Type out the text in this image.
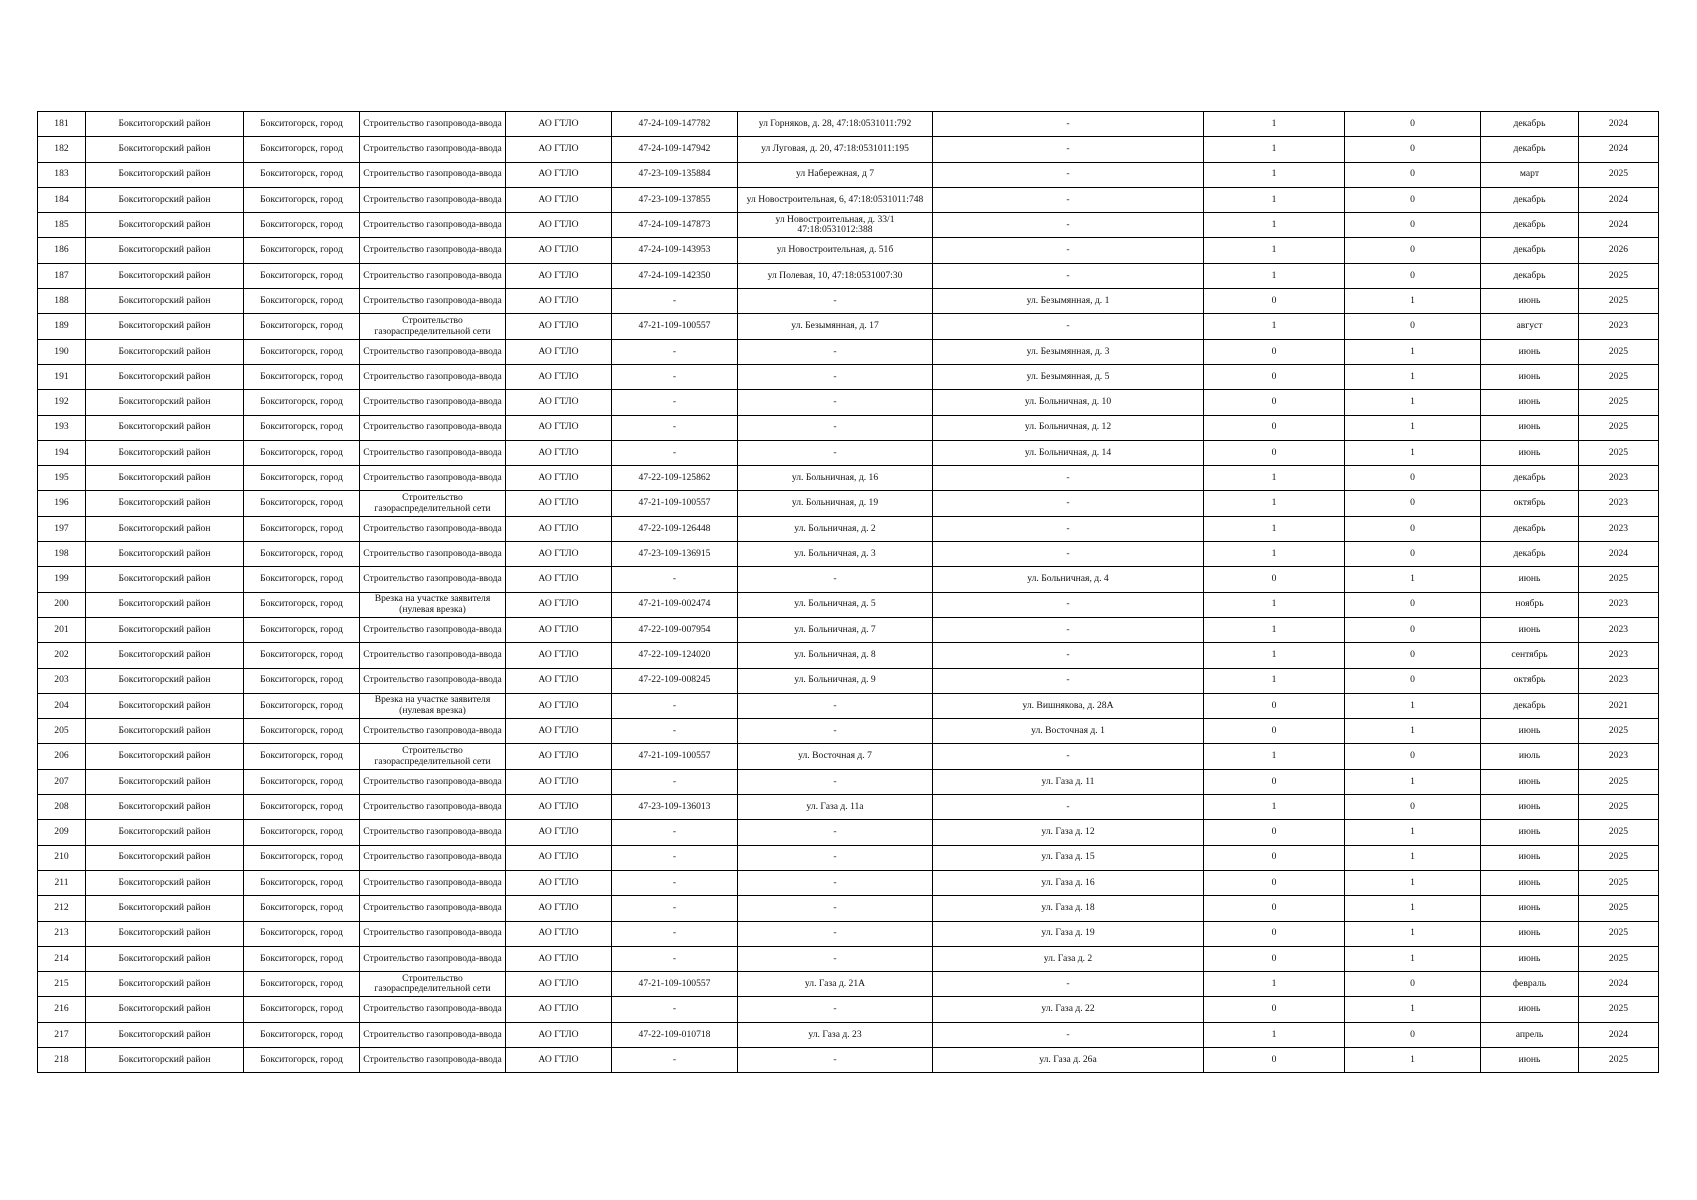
181	Бокситогорский район	Бокситогорск, город	Строительство газопровода-ввода	АО ГТЛО	47-24-109-147782	ул Горняков, д. 28, 47:18:0531011:792	-	1	0	декабрь	2024
182	Бокситогорский район	Бокситогорск, город	Строительство газопровода-ввода	АО ГТЛО	47-24-109-147942	ул Луговая, д. 20, 47:18:0531011:195	-	1	0	декабрь	2024
183	Бокситогорский район	Бокситогорск, город	Строительство газопровода-ввода	АО ГТЛО	47-23-109-135884	ул Набережная, д 7	-	1	0	март	2025
184	Бокситогорский район	Бокситогорск, город	Строительство газопровода-ввода	АО ГТЛО	47-23-109-137855	ул Новостроительная, 6, 47:18:0531011:748	-	1	0	декабрь	2024
185	Бокситогорский район	Бокситогорск, город	Строительство газопровода-ввода	АО ГТЛО	47-24-109-147873	ул Новостроительная, д. 33/1 47:18:0531012:388	-	1	0	декабрь	2024
186	Бокситогорский район	Бокситогорск, город	Строительство газопровода-ввода	АО ГТЛО	47-24-109-143953	ул Новостроительная, д. 51б	-	1	0	декабрь	2026
187	Бокситогорский район	Бокситогорск, город	Строительство газопровода-ввода	АО ГТЛО	47-24-109-142350	ул Полевая, 10, 47:18:0531007:30	-	1	0	декабрь	2025
188	Бокситогорский район	Бокситогорск, город	Строительство газопровода-ввода	АО ГТЛО	-	-	ул. Безымянная, д. 1	0	1	июнь	2025
189	Бокситогорский район	Бокситогорск, город	Строительство газораспределительной сети	АО ГТЛО	47-21-109-100557	ул. Безымянная, д. 17	-	1	0	август	2023
190	Бокситогорский район	Бокситогорск, город	Строительство газопровода-ввода	АО ГТЛО	-	-	ул. Безымянная, д. 3	0	1	июнь	2025
191	Бокситогорский район	Бокситогорск, город	Строительство газопровода-ввода	АО ГТЛО	-	-	ул. Безымянная, д. 5	0	1	июнь	2025
192	Бокситогорский район	Бокситогорск, город	Строительство газопровода-ввода	АО ГТЛО	-	-	ул. Больничная, д. 10	0	1	июнь	2025
193	Бокситогорский район	Бокситогорск, город	Строительство газопровода-ввода	АО ГТЛО	-	-	ул. Больничная, д. 12	0	1	июнь	2025
194	Бокситогорский район	Бокситогорск, город	Строительство газопровода-ввода	АО ГТЛО	-	-	ул. Больничная, д. 14	0	1	июнь	2025
195	Бокситогорский район	Бокситогорск, город	Строительство газопровода-ввода	АО ГТЛО	47-22-109-125862	ул. Больничная, д. 16	-	1	0	декабрь	2023
196	Бокситогорский район	Бокситогорск, город	Строительство газораспределительной сети	АО ГТЛО	47-21-109-100557	ул. Больничная, д. 19	-	1	0	октябрь	2023
197	Бокситогорский район	Бокситогорск, город	Строительство газопровода-ввода	АО ГТЛО	47-22-109-126448	ул. Больничная, д. 2	-	1	0	декабрь	2023
198	Бокситогорский район	Бокситогорск, город	Строительство газопровода-ввода	АО ГТЛО	47-23-109-136915	ул. Больничная, д. 3	-	1	0	декабрь	2024
199	Бокситогорский район	Бокситогорск, город	Строительство газопровода-ввода	АО ГТЛО	-	-	ул. Больничная, д. 4	0	1	июнь	2025
200	Бокситогорский район	Бокситогорск, город	Врезка на участке заявителя (нулевая врезка)	АО ГТЛО	47-21-109-002474	ул. Больничная, д. 5	-	1	0	ноябрь	2023
201	Бокситогорский район	Бокситогорск, город	Строительство газопровода-ввода	АО ГТЛО	47-22-109-007954	ул. Больничная, д. 7	-	1	0	июнь	2023
202	Бокситогорский район	Бокситогорск, город	Строительство газопровода-ввода	АО ГТЛО	47-22-109-124020	ул. Больничная, д. 8	-	1	0	сентябрь	2023
203	Бокситогорский район	Бокситогорск, город	Строительство газопровода-ввода	АО ГТЛО	47-22-109-008245	ул. Больничная, д. 9	-	1	0	октябрь	2023
204	Бокситогорский район	Бокситогорск, город	Врезка на участке заявителя (нулевая врезка)	АО ГТЛО	-	-	ул. Вишнякова, д. 28А	0	1	декабрь	2021
205	Бокситогорский район	Бокситогорск, город	Строительство газопровода-ввода	АО ГТЛО	-	-	ул. Восточная д. 1	0	1	июнь	2025
206	Бокситогорский район	Бокситогорск, город	Строительство газораспределительной сети	АО ГТЛО	47-21-109-100557	ул. Восточная д. 7	-	1	0	июль	2023
207	Бокситогорский район	Бокситогорск, город	Строительство газопровода-ввода	АО ГТЛО	-	-	ул. Газа д. 11	0	1	июнь	2025
208	Бокситогорский район	Бокситогорск, город	Строительство газопровода-ввода	АО ГТЛО	47-23-109-136013	ул. Газа д. 11а	-	1	0	июнь	2025
209	Бокситогорский район	Бокситогорск, город	Строительство газопровода-ввода	АО ГТЛО	-	-	ул. Газа д. 12	0	1	июнь	2025
210	Бокситогорский район	Бокситогорск, город	Строительство газопровода-ввода	АО ГТЛО	-	-	ул. Газа д. 15	0	1	июнь	2025
211	Бокситогорский район	Бокситогорск, город	Строительство газопровода-ввода	АО ГТЛО	-	-	ул. Газа д. 16	0	1	июнь	2025
212	Бокситогорский район	Бокситогорск, город	Строительство газопровода-ввода	АО ГТЛО	-	-	ул. Газа д. 18	0	1	июнь	2025
213	Бокситогорский район	Бокситогорск, город	Строительство газопровода-ввода	АО ГТЛО	-	-	ул. Газа д. 19	0	1	июнь	2025
214	Бокситогорский район	Бокситогорск, город	Строительство газопровода-ввода	АО ГТЛО	-	-	ул. Газа д. 2	0	1	июнь	2025
215	Бокситогорский район	Бокситогорск, город	Строительство газораспределительной сети	АО ГТЛО	47-21-109-100557	ул. Газа д. 21А	-	1	0	февраль	2024
216	Бокситогорский район	Бокситогорск, город	Строительство газопровода-ввода	АО ГТЛО	-	-	ул. Газа д. 22	0	1	июнь	2025
217	Бокситогорский район	Бокситогорск, город	Строительство газопровода-ввода	АО ГТЛО	47-22-109-010718	ул. Газа д. 23	-	1	0	апрель	2024
218	Бокситогорский район	Бокситогорск, город	Строительство газопровода-ввода	АО ГТЛО	-	-	ул. Газа д. 26а	0	1	июнь	2025
